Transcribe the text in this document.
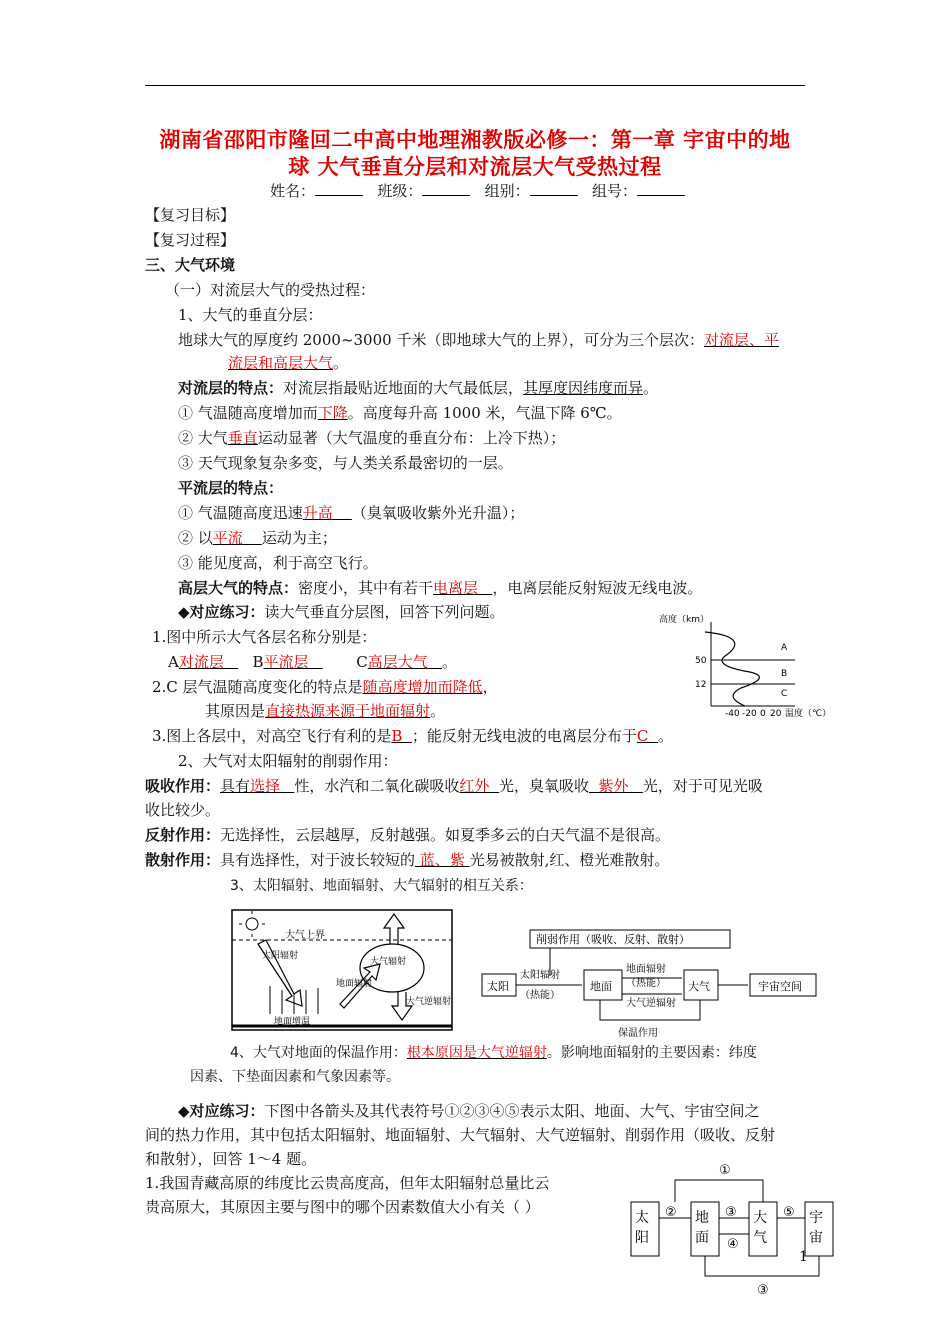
湖南省邵阳市隆回二中高中地理湘教版必修一：第一章 宇宙中的地
球 大气垂直分层和对流层大气受热过程
姓名：	班级：	组别：	组号：
【复习目标】
【复习过程】
三、大气环境
（一）对流层大气的受热过程：
1、大气的垂直分层：
地球大气的厚度约 2000~3000 千米（即地球大气的上界），可分为三个层次：对流层、平
流层和高层大气。
对流层的特点：对流层指最贴近地面的大气最低层，其厚度因纬度而异。
① 气温随高度增加而下降。高度每升高 1000 米，气温下降 6℃。
② 大气垂直运动显著（大气温度的垂直分布：上冷下热）；
③ 天气现象复杂多变，与人类关系最密切的一层。
平流层的特点：
① 气温随高度迅速升高 （臭氧吸收紫外光升温）；
② 以平流 运动为主；
③ 能见度高，利于高空飞行。
高层大气的特点：密度小，其中有若干电离层 ，电离层能反射短波无线电波。
◆对应练习：读大气垂直分层图，回答下列问题。
1.图中所示大气各层名称分别是：
A对流层 B平流层	C高层大气 。
2.C 层气温随高度变化的特点是随高度增加而降低，
其原因是直接热源来源于地面辐射。
3.图上各层中，对高空飞行有利的是B ；能反射无线电波的电离层分布于C 。
高度（km）
50
12
-40 -20 0 20 温度（℃）
A
B
C
2、大气对太阳辐射的削弱作用：
吸收作用：具有选择 性，水汽和二氧化碳吸收红外 光，臭氧吸收 紫外 光，对于可见光吸
收比较少。
反射作用：无选择性，云层越厚，反射越强。如夏季多云的白天气温不是很高。
散射作用：具有选择性，对于波长较短的 蓝、紫 光易被散射,红、橙光难散射。
3、太阳辐射、地面辐射、大气辐射的相互关系：
大气上界
太阳辐射
大气辐射
地面辐射
大气逆辐射
地面增温
削弱作用（吸收、反射、散射）
太阳
太阳辐射
（热能）
地面
地面辐射
（热能） 大气
大气逆辐射
宇宙空间
保温作用
4、大气对地面的保温作用：根本原因是大气逆辐射。影响地面辐射的主要因素：纬度
因素、下垫面因素和气象因素等。
◆对应练习：下图中各箭头及其代表符号①②③④⑤表示太阳、地面、大气、宇宙空间之
间的热力作用，其中包括太阳辐射、地面辐射、大气辐射、大气逆辐射、削弱作用（吸收、反射
和散射），回答 1～4 题。
1.我国青藏高原的纬度比云贵高度高，但年太阳辐射总量比云
贵高原大，其原因主要与图中的哪个因素数值大小有关（ ）
太
阳
地
面
大
气
宇
宙
②	③
④
⑤
①
③
1
